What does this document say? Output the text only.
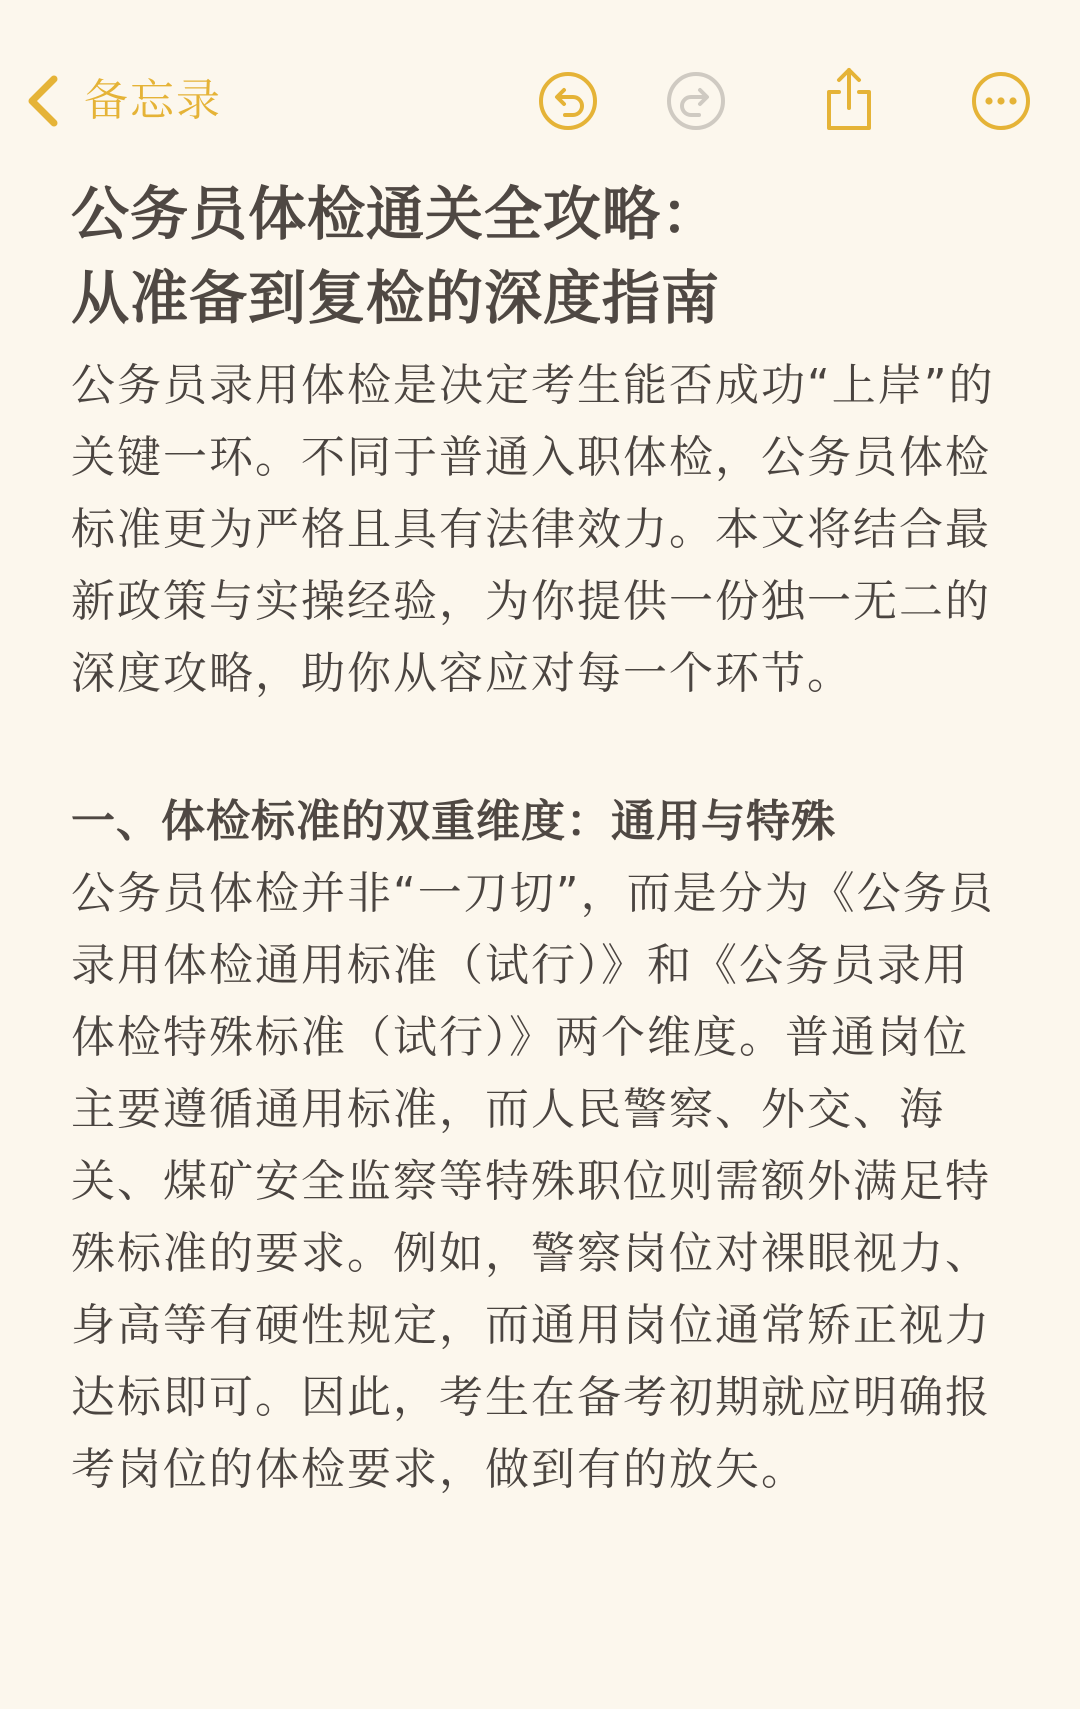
备忘录
公务员体检通关全攻略：
从准备到复检的深度指南

公务员录用体检是决定考生能否成功“上岸”的关键一环。不同于普通入职体检，公务员体检标准更为严格且具有法律效力。本文将结合最新政策与实操经验，为你提供一份独一无二的深度攻略，助你从容应对每一个环节。

一、体检标准的双重维度：通用与特殊

公务员体检并非“一刀切”，而是分为《公务员录用体检通用标准（试行）》和《公务员录用体检特殊标准（试行）》两个维度。普通岗位主要遵循通用标准，而人民警察、外交、海关、煤矿安全监察等特殊职位则需额外满足特殊标准的要求。例如，警察岗位对裸眼视力、身高等有硬性规定，而通用岗位通常矫正视力达标即可。因此，考生在备考初期就应明确报考岗位的体检要求，做到有的放矢。
